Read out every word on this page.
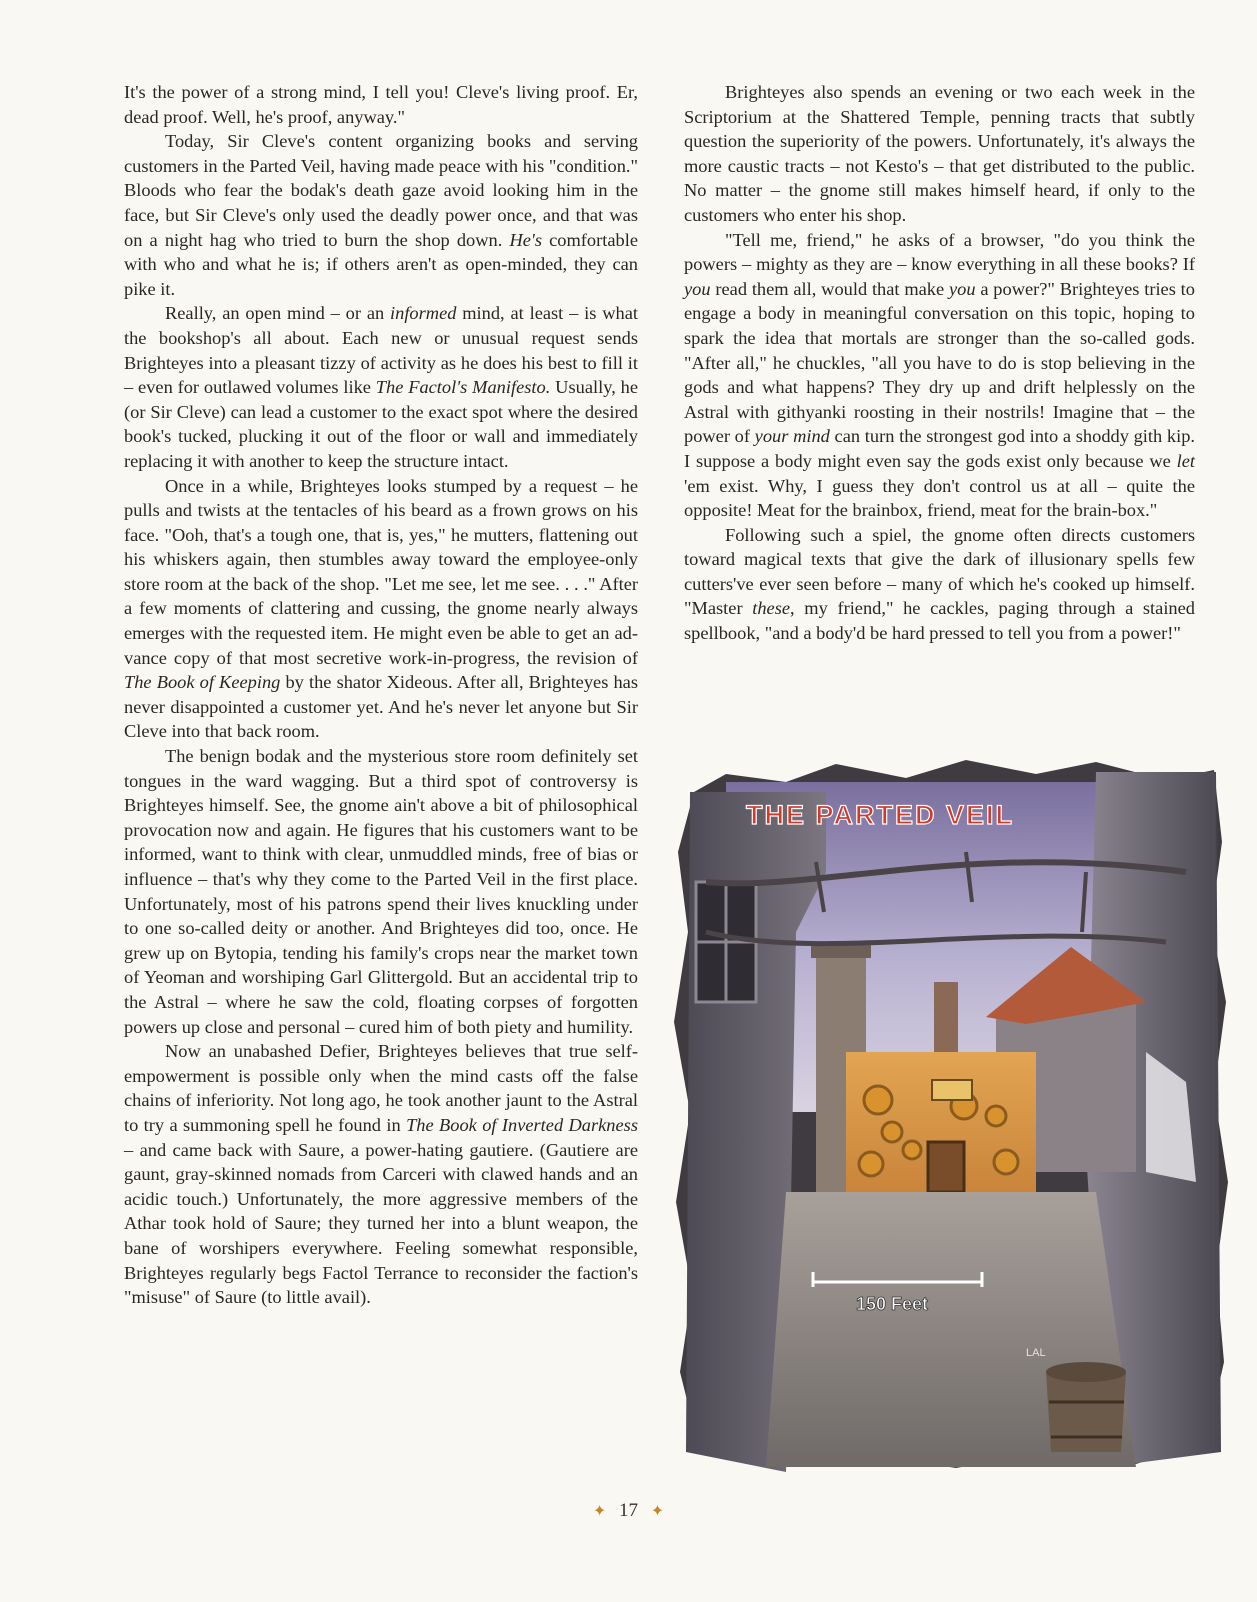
It's the power of a strong mind, I tell you! Cleve's living proof. Er, dead proof. Well, he's proof, anyway."

Today, Sir Cleve's content organizing books and serving customers in the Parted Veil, having made peace with his "condition." Bloods who fear the bodak's death gaze avoid looking him in the face, but Sir Cleve's only used the deadly power once, and that was on a night hag who tried to burn the shop down. He's comfortable with who and what he is; if others aren't as open-minded, they can pike it.

Really, an open mind – or an informed mind, at least – is what the bookshop's all about. Each new or unusual request sends Brighteyes into a pleasant tizzy of activity as he does his best to fill it – even for outlawed volumes like The Factol's Manifesto. Usually, he (or Sir Cleve) can lead a customer to the exact spot where the desired book's tucked, plucking it out of the floor or wall and immediately replacing it with another to keep the structure intact.

Once in a while, Brighteyes looks stumped by a request – he pulls and twists at the tentacles of his beard as a frown grows on his face. "Ooh, that's a tough one, that is, yes," he mutters, flattening out his whiskers again, then stumbles away toward the employee-only store room at the back of the shop. "Let me see, let me see. . . ." After a few moments of clattering and cussing, the gnome nearly always emerges with the requested item. He might even be able to get an advance copy of that most secretive work-in-progress, the revision of The Book of Keeping by the shator Xideous. After all, Brighteyes has never disappointed a customer yet. And he's never let anyone but Sir Cleve into that back room.

The benign bodak and the mysterious store room definitely set tongues in the ward wagging. But a third spot of controversy is Brighteyes himself. See, the gnome ain't above a bit of philosophical provocation now and again. He figures that his customers want to be informed, want to think with clear, unmuddled minds, free of bias or influence – that's why they come to the Parted Veil in the first place. Unfortunately, most of his patrons spend their lives knuckling under to one so-called deity or another. And Brighteyes did too, once. He grew up on Bytopia, tending his family's crops near the market town of Yeoman and worshiping Garl Glittergold. But an accidental trip to the Astral – where he saw the cold, floating corpses of forgotten powers up close and personal – cured him of both piety and humility.

Now an unabashed Defier, Brighteyes believes that true self-empowerment is possible only when the mind casts off the false chains of inferiority. Not long ago, he took another jaunt to the Astral to try a summoning spell he found in The Book of Inverted Darkness – and came back with Saure, a power-hating gautiere. (Gautiere are gaunt, gray-skinned nomads from Carceri with clawed hands and an acidic touch.) Unfortunately, the more aggressive members of the Athar took hold of Saure; they turned her into a blunt weapon, the bane of worshipers everywhere. Feeling somewhat responsible, Brighteyes regularly begs Factol Terrance to reconsider the faction's "misuse" of Saure (to little avail).

Brighteyes also spends an evening or two each week in the Scriptorium at the Shattered Temple, penning tracts that subtly question the superiority of the powers. Unfortunately, it's always the more caustic tracts – not Kesto's – that get distributed to the public. No matter – the gnome still makes himself heard, if only to the customers who enter his shop.

"Tell me, friend," he asks of a browser, "do you think the powers – mighty as they are – know everything in all these books? If you read them all, would that make you a power?" Brighteyes tries to engage a body in meaningful conversation on this topic, hoping to spark the idea that mortals are stronger than the so-called gods. "After all," he chuckles, "all you have to do is stop believing in the gods and what happens? They dry up and drift helplessly on the Astral with githyanki roosting in their nostrils! Imagine that – the power of your mind can turn the strongest god into a shoddy gith kip. I suppose a body might even say the gods exist only because we let 'em exist. Why, I guess they don't control us at all – quite the opposite! Meat for the brainbox, friend, meat for the brain-box."

Following such a spiel, the gnome often directs customers toward magical texts that give the dark of illusionary spells few cutters've ever seen before – many of which he's cooked up himself. "Master these, my friend," he cackles, paging through a stained spellbook, "and a body'd be hard pressed to tell you from a power!"

THE PARTED VEIL
150 Feet
LAL
✦ 17 ✦
